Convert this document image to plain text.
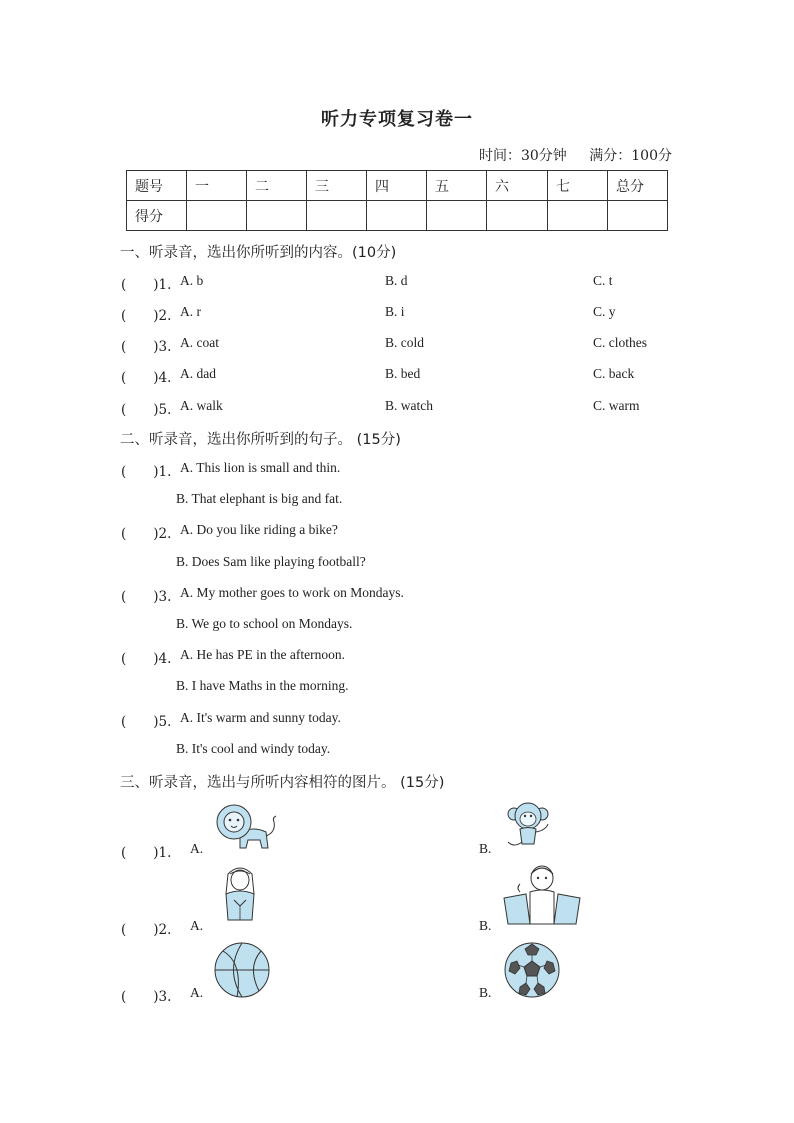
听力专项复习卷一
时间：30分钟 满分：100分
题号	一	二	三	四	五	六	七	总分
得分								
一、听录音，选出你所听到的内容。(10分)
(　　)1. A. b	B. d	C. t
(　　)2. A. r	B. i	C. y
(　　)3. A. coat	B. cold	C. clothes
(　　)4. A. dad	B. bed	C. back
(　　)5. A. walk	B. watch	C. warm
二、听录音，选出你所听到的句子。 (15分)
(　　)1. A. This lion is small and thin.
B. That elephant is big and fat.
(　　)2. A. Do you like riding a bike?
B. Does Sam like playing football?
(　　)3. A. My mother goes to work on Mondays.
B. We go to school on Mondays.
(　　)4. A. He has PE in the afternoon.
B. I have Maths in the morning.
(　　)5. A. It's warm and sunny today.
B. It's cool and windy today.
三、听录音，选出与所听内容相符的图片。 (15分)
(　　)1. A.	B.
(　　)2. A.	B.
(　　)3. A.	B.
